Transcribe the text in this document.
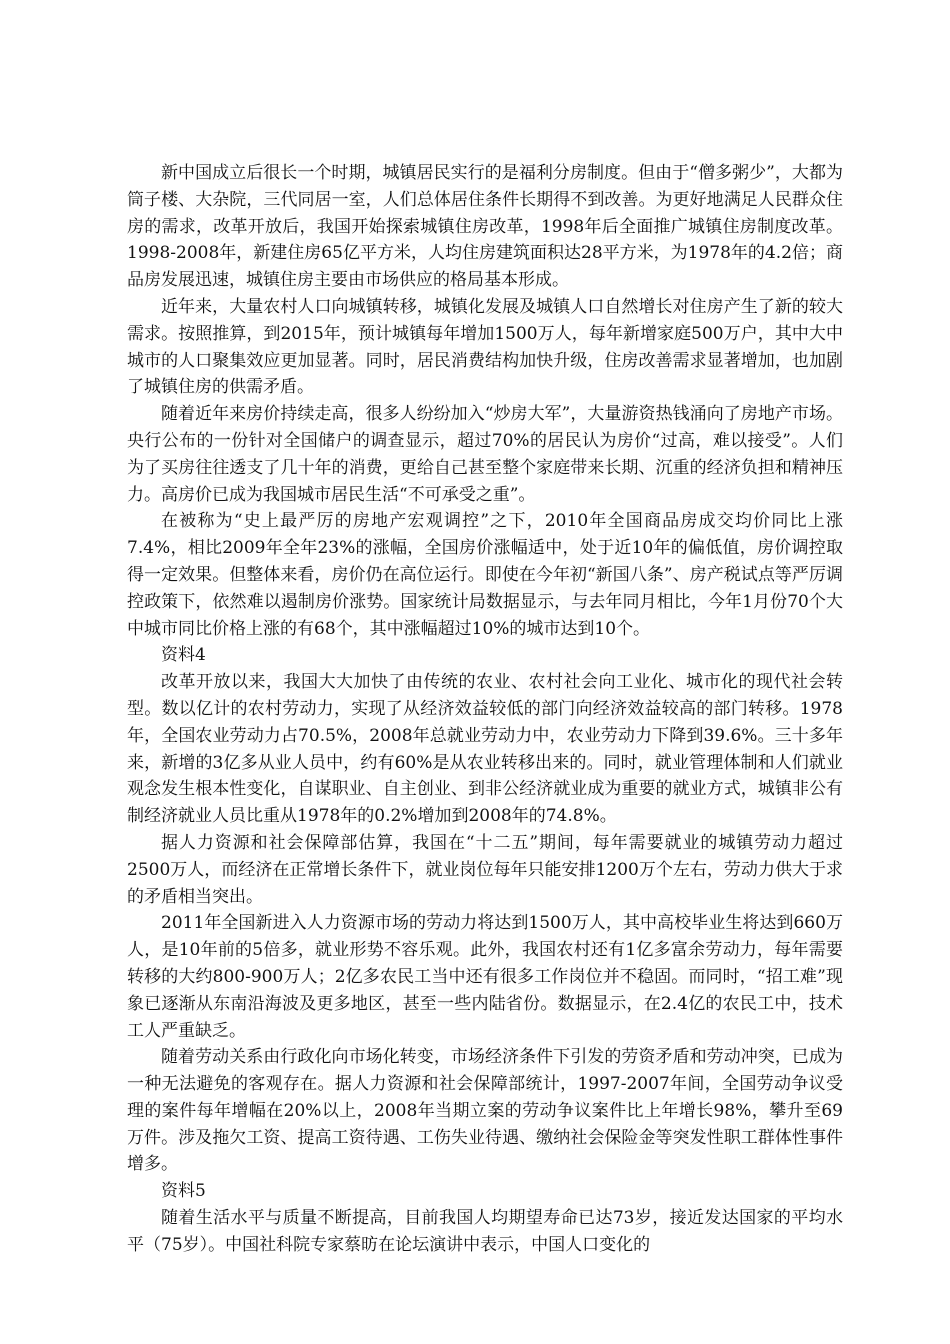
新中国成立后很长一个时期，城镇居民实行的是福利分房制度。但由于“僧多粥少”，大都为筒子楼、大杂院，三代同居一室，人们总体居住条件长期得不到改善。为更好地满足人民群众住房的需求，改革开放后，我国开始探索城镇住房改革，1998年后全面推广城镇住房制度改革。1998-2008年，新建住房65亿平方米，人均住房建筑面积达28平方米，为1978年的4.2倍；商品房发展迅速，城镇住房主要由市场供应的格局基本形成。

近年来，大量农村人口向城镇转移，城镇化发展及城镇人口自然增长对住房产生了新的较大需求。按照推算，到2015年，预计城镇每年增加1500万人，每年新增家庭500万户，其中大中城市的人口聚集效应更加显著。同时，居民消费结构加快升级，住房改善需求显著增加，也加剧了城镇住房的供需矛盾。

随着近年来房价持续走高，很多人纷纷加入“炒房大军”，大量游资热钱涌向了房地产市场。央行公布的一份针对全国储户的调查显示，超过70%的居民认为房价“过高，难以接受”。人们为了买房往往透支了几十年的消费，更给自己甚至整个家庭带来长期、沉重的经济负担和精神压力。高房价已成为我国城市居民生活“不可承受之重”。

在被称为“史上最严厉的房地产宏观调控”之下，2010年全国商品房成交均价同比上涨7.4%，相比2009年全年23%的涨幅，全国房价涨幅适中，处于近10年的偏低值，房价调控取得一定效果。但整体来看，房价仍在高位运行。即使在今年初“新国八条”、房产税试点等严厉调控政策下，依然难以遏制房价涨势。国家统计局数据显示，与去年同月相比，今年1月份70个大中城市同比价格上涨的有68个，其中涨幅超过10%的城市达到10个。

资料4

改革开放以来，我国大大加快了由传统的农业、农村社会向工业化、城市化的现代社会转型。数以亿计的农村劳动力，实现了从经济效益较低的部门向经济效益较高的部门转移。1978年，全国农业劳动力占70.5%，2008年总就业劳动力中，农业劳动力下降到39.6%。三十多年来，新增的3亿多从业人员中，约有60%是从农业转移出来的。同时，就业管理体制和人们就业观念发生根本性变化，自谋职业、自主创业、到非公经济就业成为重要的就业方式，城镇非公有制经济就业人员比重从1978年的0.2%增加到2008年的74.8%。

据人力资源和社会保障部估算，我国在“十二五”期间，每年需要就业的城镇劳动力超过2500万人，而经济在正常增长条件下，就业岗位每年只能安排1200万个左右，劳动力供大于求的矛盾相当突出。

2011年全国新进入人力资源市场的劳动力将达到1500万人，其中高校毕业生将达到660万人，是10年前的5倍多，就业形势不容乐观。此外，我国农村还有1亿多富余劳动力，每年需要转移的大约800-900万人；2亿多农民工当中还有很多工作岗位并不稳固。而同时，“招工难”现象已逐渐从东南沿海波及更多地区，甚至一些内陆省份。数据显示，在2.4亿的农民工中，技术工人严重缺乏。

随着劳动关系由行政化向市场化转变，市场经济条件下引发的劳资矛盾和劳动冲突，已成为一种无法避免的客观存在。据人力资源和社会保障部统计，1997-2007年间，全国劳动争议受理的案件每年增幅在20%以上，2008年当期立案的劳动争议案件比上年增长98%，攀升至69万件。涉及拖欠工资、提高工资待遇、工伤失业待遇、缴纳社会保险金等突发性职工群体性事件增多。

资料5

随着生活水平与质量不断提高，目前我国人均期望寿命已达73岁，接近发达国家的平均水平（75岁）。中国社科院专家蔡昉在论坛演讲中表示，中国人口变化的
